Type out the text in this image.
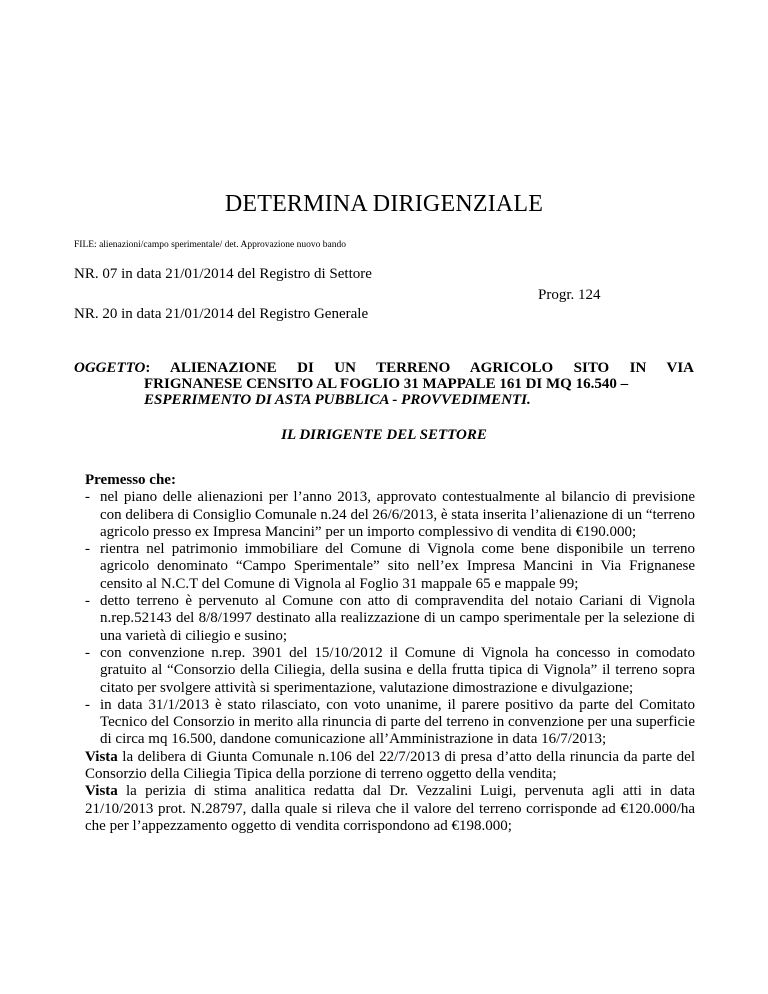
DETERMINA DIRIGENZIALE
FILE: alienazioni/campo sperimentale/ det. Approvazione nuovo bando
NR. 07 in data 21/01/2014 del Registro di Settore
Progr. 124
NR. 20 in data 21/01/2014 del Registro Generale
OGGETTO: ALIENAZIONE DI UN TERRENO AGRICOLO SITO IN VIA
FRIGNANESE CENSITO AL FOGLIO 31 MAPPALE 161 DI MQ 16.540 –
ESPERIMENTO DI ASTA PUBBLICA - PROVVEDIMENTI.
IL DIRIGENTE DEL SETTORE
Premesso che:
- nel piano delle alienazioni per l’anno 2013, approvato contestualmente al bilancio di previsione con delibera di Consiglio Comunale n.24 del 26/6/2013, è stata inserita l’alienazione di un “terreno agricolo presso ex Impresa Mancini” per un importo complessivo di vendita di €190.000;
- rientra nel patrimonio immobiliare del Comune di Vignola come bene disponibile un terreno agricolo denominato “Campo Sperimentale” sito nell’ex Impresa Mancini in Via Frignanese censito al N.C.T del Comune di Vignola al Foglio 31 mappale 65 e mappale 99;
- detto terreno è pervenuto al Comune con atto di compravendita del notaio Cariani di Vignola n.rep.52143 del 8/8/1997 destinato alla realizzazione di un campo sperimentale per la selezione di una varietà di ciliegio e susino;
- con convenzione n.rep. 3901 del 15/10/2012 il Comune di Vignola ha concesso in comodato gratuito al “Consorzio della Ciliegia, della susina e della frutta tipica di Vignola” il terreno sopra citato per svolgere attività si sperimentazione, valutazione dimostrazione e divulgazione;
- in data 31/1/2013 è stato rilasciato, con voto unanime, il parere positivo da parte del Comitato Tecnico del Consorzio in merito alla rinuncia di parte del terreno in convenzione per una superficie di circa mq 16.500, dandone comunicazione all’Amministrazione in data 16/7/2013;
Vista la delibera di Giunta Comunale n.106 del 22/7/2013 di presa d’atto della rinuncia da parte del Consorzio della Ciliegia Tipica della porzione di terreno oggetto della vendita;
Vista la perizia di stima analitica redatta dal Dr. Vezzalini Luigi, pervenuta agli atti in data 21/10/2013 prot. N.28797, dalla quale si rileva che il valore del terreno corrisponde ad €120.000/ha che per l’appezzamento oggetto di vendita corrispondono ad €198.000;
